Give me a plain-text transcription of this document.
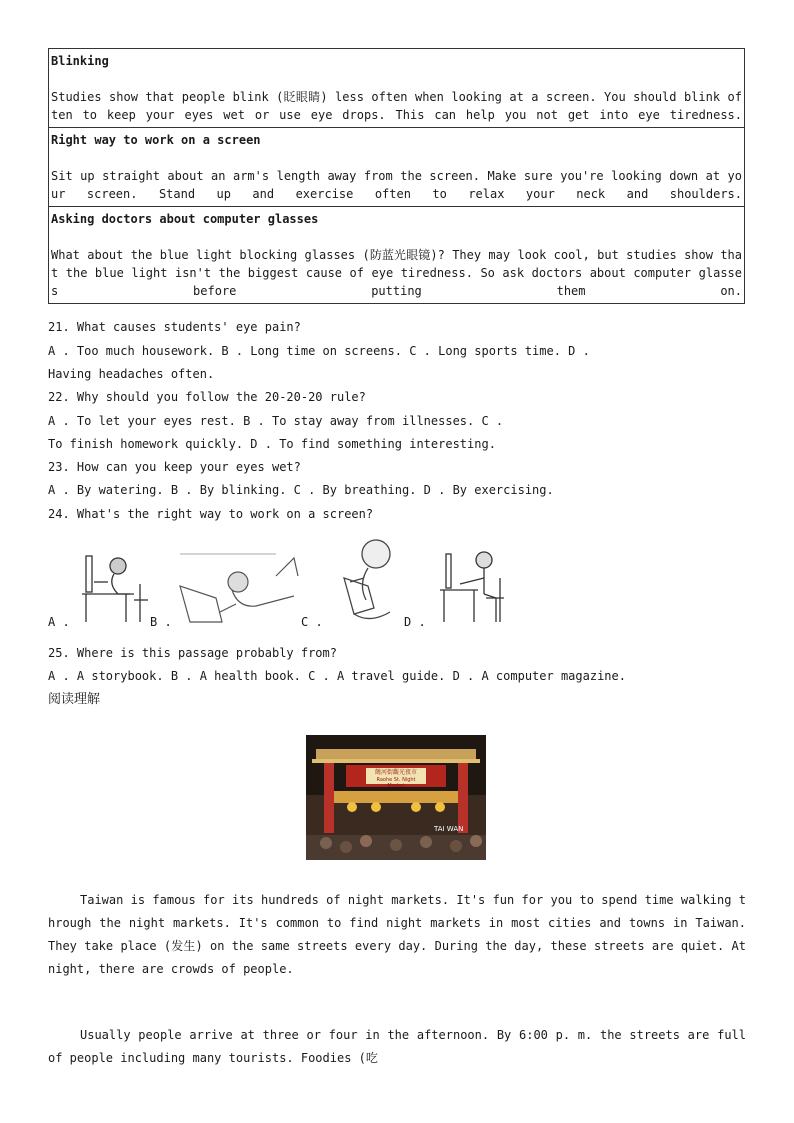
Blinking
Studies show that people blink (眨眼睛) less often when looking at a screen. You should blink often to keep your eyes wet or use eye drops. This can help you not get into eye tiredness.

Right way to work on a screen
Sit up straight about an arm's length away from the screen. Make sure you're looking down at your screen. Stand up and exercise often to relax your neck and shoulders.

Asking doctors about computer glasses
What about the blue light blocking glasses (防蓝光眼镜)? They may look cool, but studies show that the blue light isn't the biggest cause of eye tiredness. So ask doctors about computer glasses before putting them on.
21. What causes students' eye pain?
A . Too much housework. B . Long time on screens. C . Long sports time. D .
Having headaches often.
22. Why should you follow the 20-20-20 rule?
A . To let your eyes rest. B . To stay away from illnesses. C .
To finish homework quickly. D . To find something interesting.
23. How can you keep your eyes wet?
A . By watering. B . By blinking. C . By breathing. D . By exercising.
24. What's the right way to work on a screen?
A .	B .	C .	D .
25. Where is this passage probably from?
A . A storybook. B . A health book. C . A travel guide. D . A computer magazine.
阅读理解
饒河街觀光夜市
Raohe St. Night Market
TAI WAN
Taiwan is famous for its hundreds of night markets. It's fun for you to spend time walking through the night markets. It's common to find night markets in most cities and towns in Taiwan. They take place (发生) on the same streets every day. During the day, these streets are quiet. At night, there are crowds of people.
Usually people arrive at three or four in the afternoon. By 6:00 p. m. the streets are full of people including many tourists. Foodies (吃
